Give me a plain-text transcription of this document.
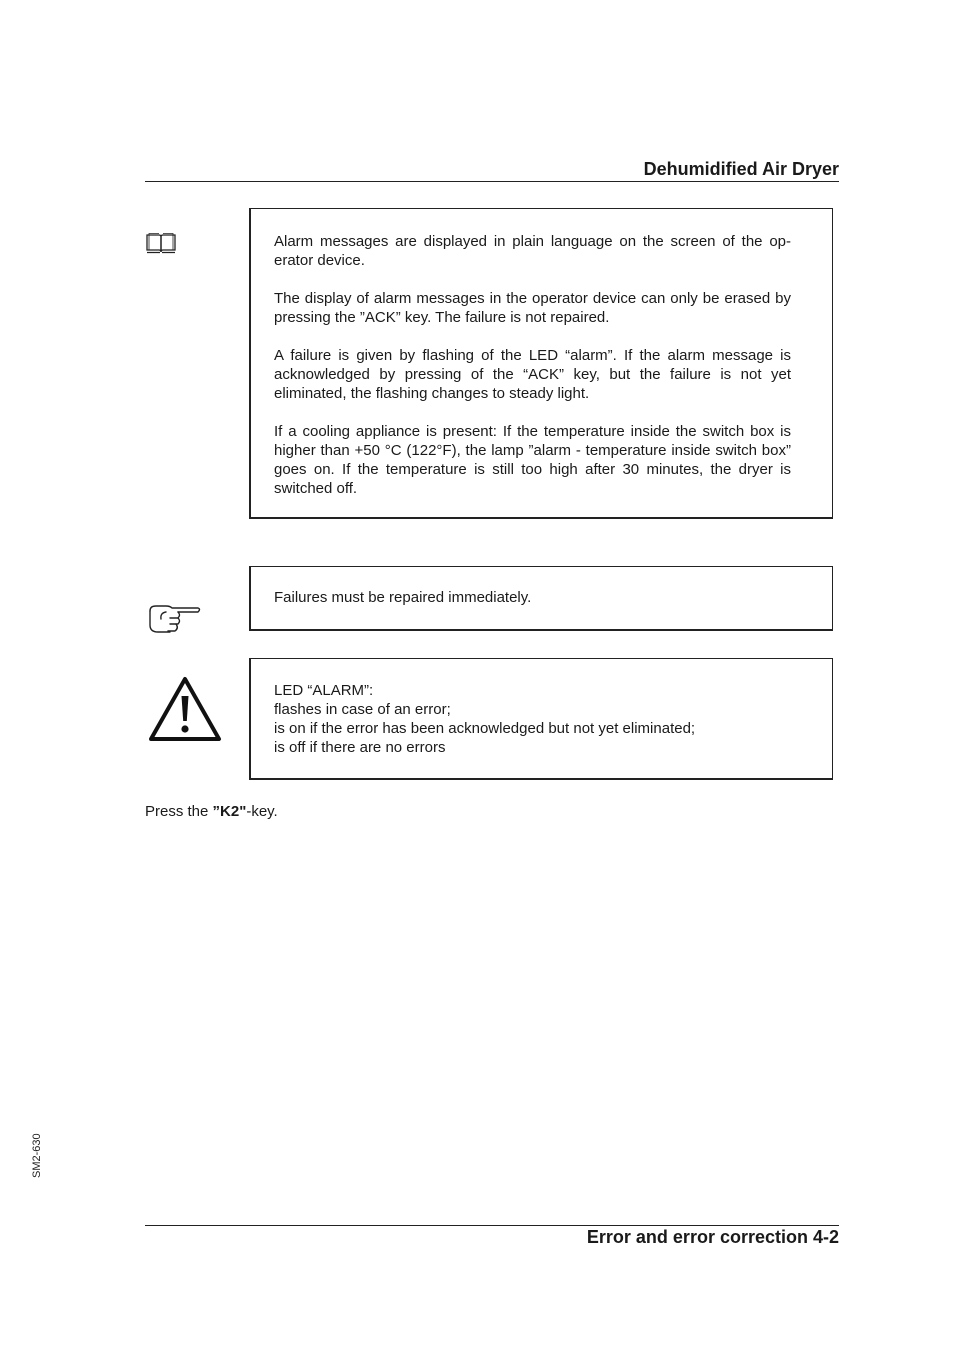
Dehumidified Air Dryer

Alarm messages are displayed in plain language on the screen of the op-erator device.

The display of alarm messages in the operator device can only be erased by pressing the ”ACK” key. The failure is not repaired.

A failure is given by flashing of the LED “alarm”. If the alarm message is acknowledged by pressing of the “ACK” key, but the failure is not yet eliminated, the flashing changes to steady light.

If a cooling appliance is present: If the temperature inside the switch box is higher than +50 °C (122°F), the lamp ”alarm - temperature inside switch box” goes on. If the temperature is still too high after 30 minutes, the dryer is switched off.

Failures must be repaired immediately.

LED “ALARM”:
flashes in case of an error;
is on if the error has been acknowledged but not yet eliminated;
is off if there are no errors
Press the ”K2"-key.
SM2-630
Error and error correction 4-2
